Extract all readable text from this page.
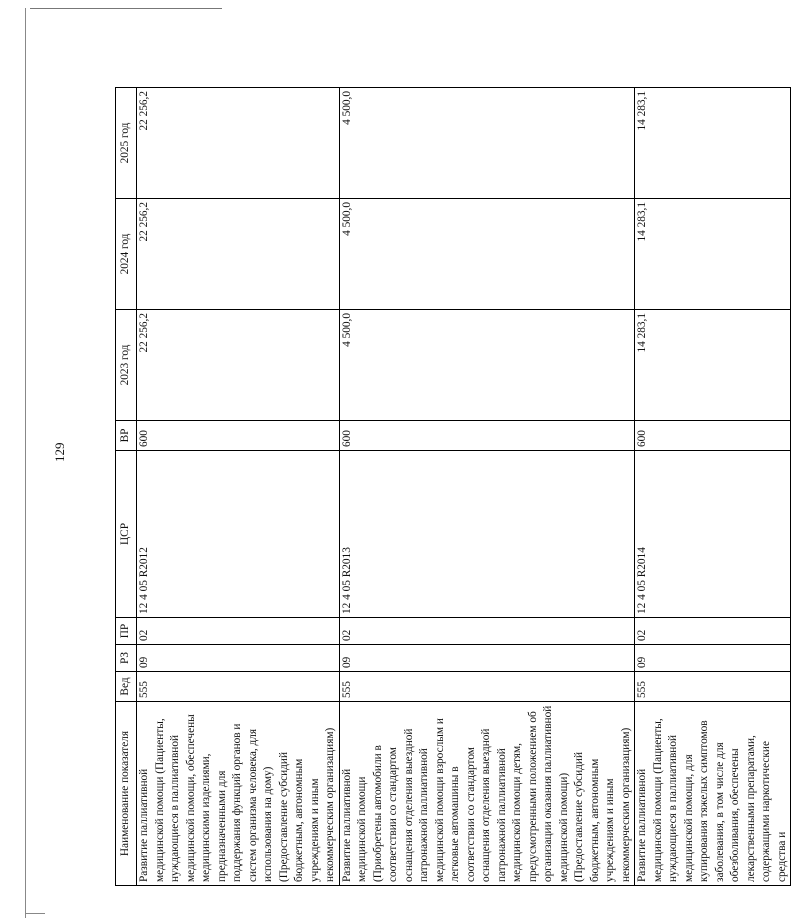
129
Наименование показателя	Вед	РЗ	ПР	ЦСР	ВР	2023 год	2024 год	2025 год
Развитие паллиативной медицинской помощи (Пациенты, нуждающиеся в паллиативной медицинской помощи, обеспечены медицинскими изделиями, предназначенными для поддержания функций органов и систем организма человека, для использования на дому) (Предоставление субсидий бюджетным, автономным учреждениям и иным некоммерческим организациям)	555	09	02	12 4 05 R2012	600	22 256,2	22 256,2	22 256,2
Развитие паллиативной медицинской помощи (Приобретены автомобили в соответствии со стандартом оснащения отделения выездной патронажной паллиативной медицинской помощи взрослым и легковые автомашины в соответствии со стандартом оснащения отделения выездной патронажной паллиативной медицинской помощи детям, предусмотренными положением об организации оказания паллиативной медицинской помощи) (Предоставление субсидий бюджетным, автономным учреждениям и иным некоммерческим организациям)	555	09	02	12 4 05 R2013	600	4 500,0	4 500,0	4 500,0
Развитие паллиативной медицинской помощи (Пациенты, нуждающиеся в паллиативной медицинской помощи, для купирования тяжелых симптомов заболевания, в том числе для обезболивания, обеспечены лекарственными препаратами, содержащими наркотические средства и	555	09	02	12 4 05 R2014	600	14 283,1	14 283,1	14 283,1
